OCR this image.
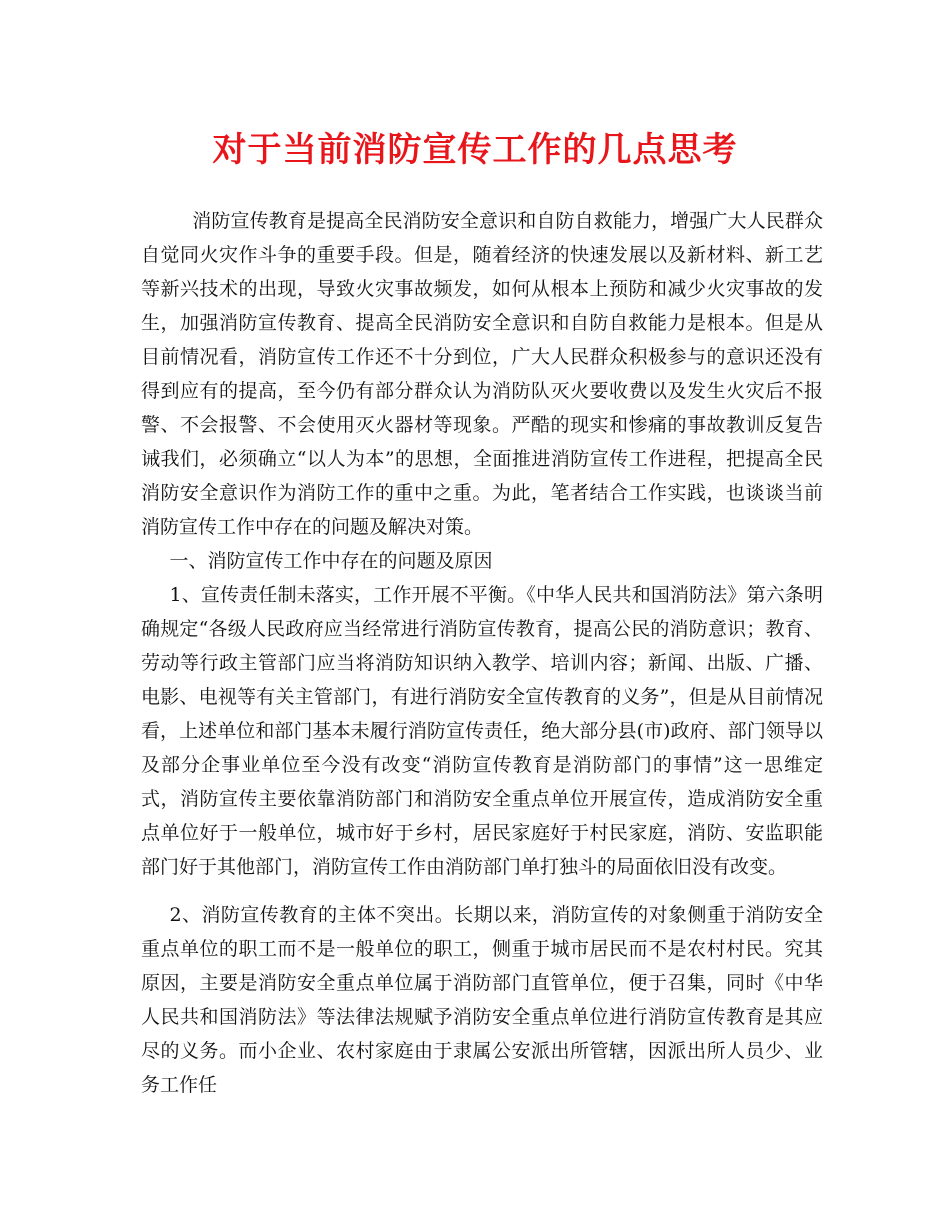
对于当前消防宣传工作的几点思考

消防宣传教育是提高全民消防安全意识和自防自救能力，增强广大人民群众自觉同火灾作斗争的重要手段。但是，随着经济的快速发展以及新材料、新工艺等新兴技术的出现，导致火灾事故频发，如何从根本上预防和减少火灾事故的发生，加强消防宣传教育、提高全民消防安全意识和自防自救能力是根本。但是从目前情况看，消防宣传工作还不十分到位，广大人民群众积极参与的意识还没有得到应有的提高，至今仍有部分群众认为消防队灭火要收费以及发生火灾后不报警、不会报警、不会使用灭火器材等现象。严酷的现实和惨痛的事故教训反复告诫我们，必须确立“以人为本”的思想，全面推进消防宣传工作进程，把提高全民消防安全意识作为消防工作的重中之重。为此，笔者结合工作实践，也谈谈当前消防宣传工作中存在的问题及解决对策。

一、消防宣传工作中存在的问题及原因

1、宣传责任制未落实，工作开展不平衡。《中华人民共和国消防法》第六条明确规定“各级人民政府应当经常进行消防宣传教育，提高公民的消防意识；教育、劳动等行政主管部门应当将消防知识纳入教学、培训内容；新闻、出版、广播、电影、电视等有关主管部门，有进行消防安全宣传教育的义务”，但是从目前情况看，上述单位和部门基本未履行消防宣传责任，绝大部分县(市)政府、部门领导以及部分企事业单位至今没有改变“消防宣传教育是消防部门的事情”这一思维定式，消防宣传主要依靠消防部门和消防安全重点单位开展宣传，造成消防安全重点单位好于一般单位，城市好于乡村，居民家庭好于村民家庭，消防、安监职能部门好于其他部门，消防宣传工作由消防部门单打独斗的局面依旧没有改变。

2、消防宣传教育的主体不突出。长期以来，消防宣传的对象侧重于消防安全重点单位的职工而不是一般单位的职工，侧重于城市居民而不是农村村民。究其原因，主要是消防安全重点单位属于消防部门直管单位，便于召集，同时《中华人民共和国消防法》等法律法规赋予消防安全重点单位进行消防宣传教育是其应尽的义务。而小企业、农村家庭由于隶属公安派出所管辖，因派出所人员少、业务工作任
